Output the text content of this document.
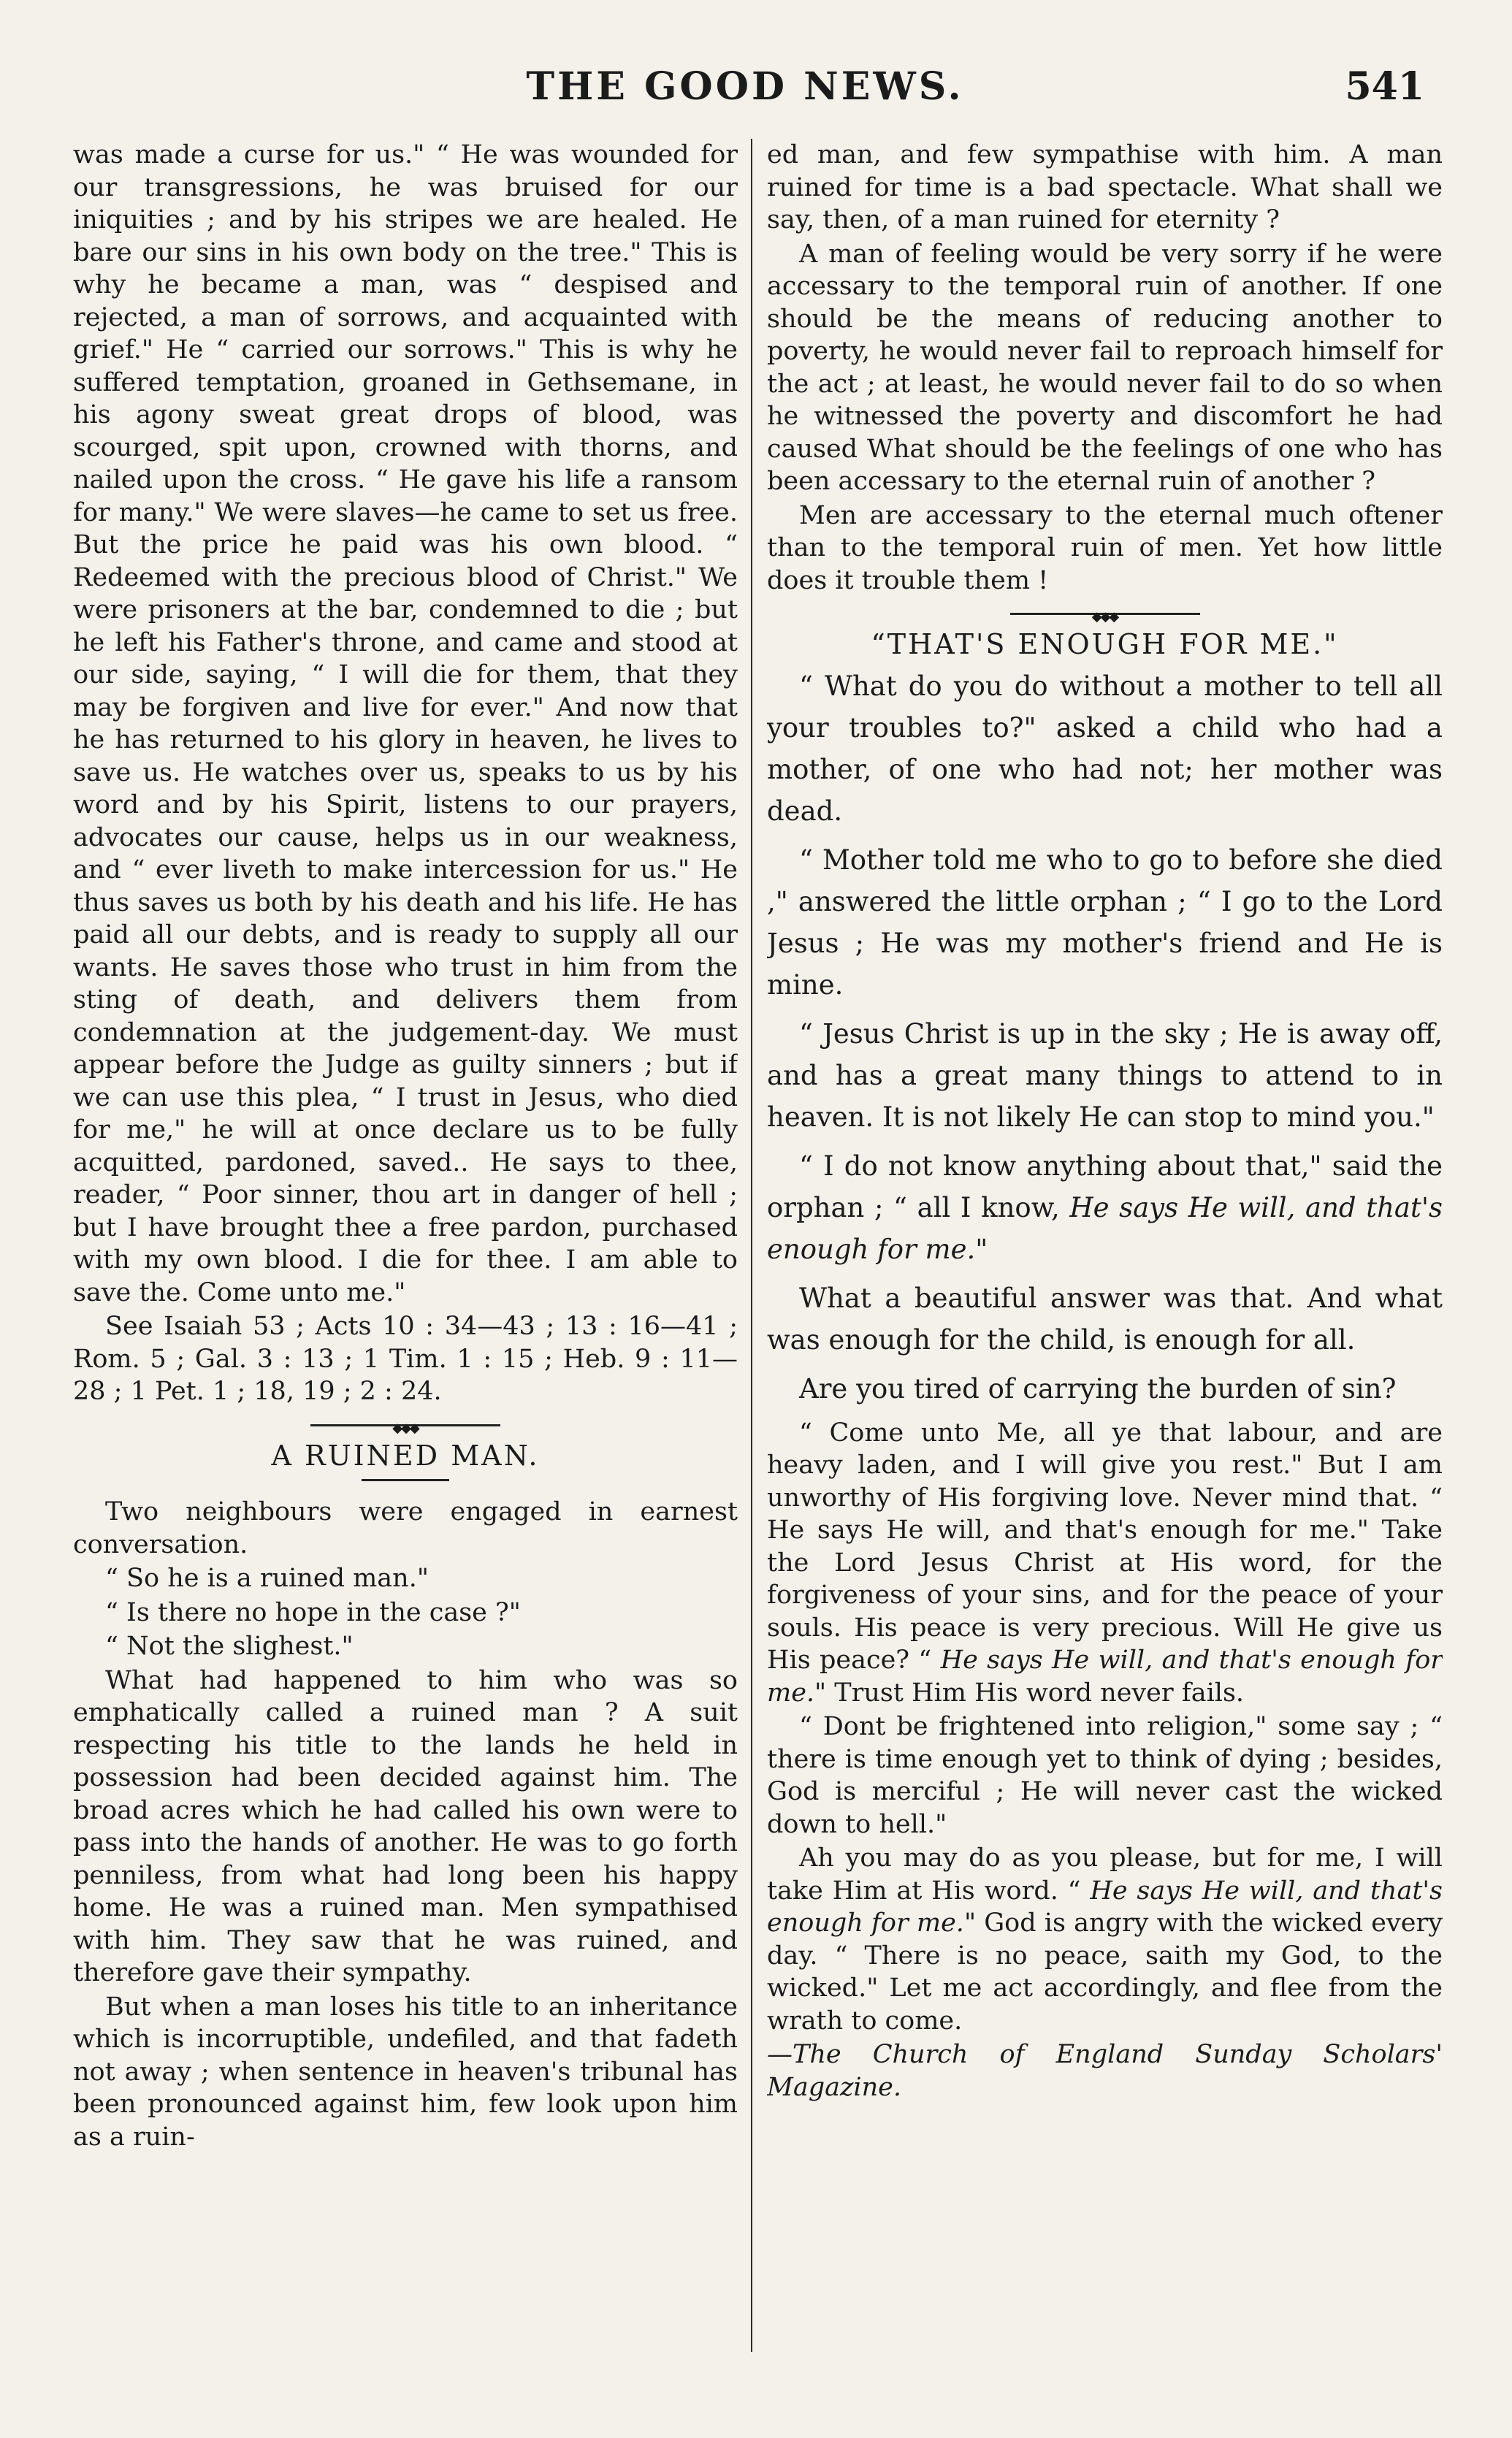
THE GOOD NEWS.	541

was made a curse for us." “ He was wounded for our transgressions, he was bruised for our iniquities ; and by his stripes we are healed. He bare our sins in his own body on the tree." This is why he became a man, was “ despised and rejected, a man of sorrows, and acquainted with grief." He “ carried our sorrows." This is why he suffered temptation, groaned in Gethsemane, in his agony sweat great drops of blood, was scourged, spit upon, crowned with thorns, and nailed upon the cross. “ He gave his life a ransom for many." We were slaves—he came to set us free. But the price he paid was his own blood. “ Redeemed with the precious blood of Christ." We were prisoners at the bar, condemned to die ; but he left his Father's throne, and came and stood at our side, saying, “ I will die for them, that they may be forgiven and live for ever." And now that he has returned to his glory in heaven, he lives to save us. He watches over us, speaks to us by his word and by his Spirit, listens to our prayers, advocates our cause, helps us in our weakness, and “ ever liveth to make intercession for us." He thus saves us both by his death and his life. He has paid all our debts, and is ready to supply all our wants. He saves those who trust in him from the sting of death, and delivers them from condemnation at the judgement-day. We must appear before the Judge as guilty sinners ; but if we can use this plea, “ I trust in Jesus, who died for me," he will at once declare us to be fully acquitted, pardoned, saved.. He says to thee, reader, “ Poor sinner, thou art in danger of hell ; but I have brought thee a free pardon, purchased with my own blood. I die for thee. I am able to save the. Come unto me."

See Isaiah 53 ; Acts 10 : 34—43 ; 13 : 16—41 ; Rom. 5 ; Gal. 3 : 13 ; 1 Tim. 1 : 15 ; Heb. 9 : 11—28 ; 1 Pet. 1 ; 18, 19 ; 2 : 24.

◆◆◆
A RUINED MAN.

Two neighbours were engaged in earnest conversation.

“ So he is a ruined man."

“ Is there no hope in the case ?"

“ Not the slighest."

What had happened to him who was so emphatically called a ruined man ? A suit respecting his title to the lands he held in possession had been decided against him. The broad acres which he had called his own were to pass into the hands of another. He was to go forth penniless, from what had long been his happy home. He was a ruined man. Men sympathised with him. They saw that he was ruined, and therefore gave their sympathy.

But when a man loses his title to an inheritance which is incorruptible, undefiled, and that fadeth not away ; when sentence in heaven's tribunal has been pronounced against him, few look upon him as a ruin-

ed man, and few sympathise with him. A man ruined for time is a bad spectacle. What shall we say, then, of a man ruined for eternity ?

A man of feeling would be very sorry if he were accessary to the temporal ruin of another. If one should be the means of reducing another to poverty, he would never fail to reproach himself for the act ; at least, he would never fail to do so when he witnessed the poverty and discomfort he had caused What should be the feelings of one who has been accessary to the eternal ruin of another ?

Men are accessary to the eternal much oftener than to the temporal ruin of men. Yet how little does it trouble them !

◆◆◆
“THAT'S ENOUGH FOR ME."

“ What do you do without a mother to tell all your troubles to?" asked a child who had a mother, of one who had not; her mother was dead.

“ Mother told me who to go to before she died ," answered the little orphan ; “ I go to the Lord Jesus ; He was my mother's friend and He is mine.

“ Jesus Christ is up in the sky ; He is away off, and has a great many things to attend to in heaven. It is not likely He can stop to mind you."

“ I do not know anything about that," said the orphan ; “ all I know, He says He will, and that's enough for me."

What a beautiful answer was that. And what was enough for the child, is enough for all.

Are you tired of carrying the burden of sin?

“ Come unto Me, all ye that labour, and are heavy laden, and I will give you rest." But I am unworthy of His forgiving love. Never mind that. “ He says He will, and that's enough for me." Take the Lord Jesus Christ at His word, for the forgiveness of your sins, and for the peace of your souls. His peace is very precious. Will He give us His peace? “ He says He will, and that's enough for me." Trust Him His word never fails.

“ Dont be frightened into religion," some say ; “ there is time enough yet to think of dying ; besides, God is merciful ; He will never cast the wicked down to hell."

Ah you may do as you please, but for me, I will take Him at His word. “ He says He will, and that's enough for me." God is angry with the wicked every day. “ There is no peace, saith my God, to the wicked." Let me act accordingly, and flee from the wrath to come.

—The Church of England Sunday Scholars' Magazine.
